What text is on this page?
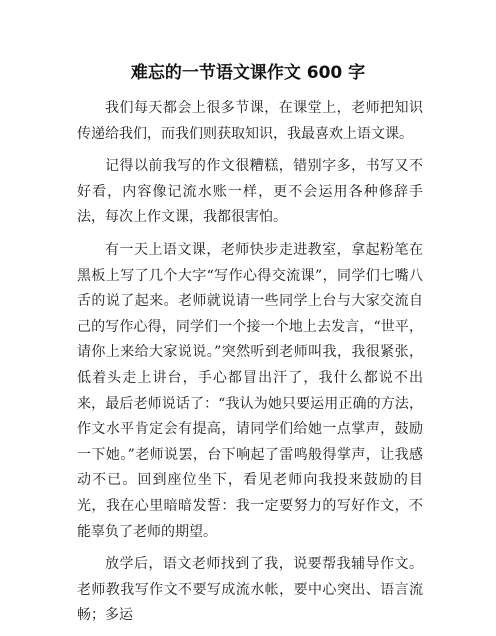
难忘的一节语文课作文 600 字

我们每天都会上很多节课，在课堂上，老师把知识传递给我们，而我们则获取知识，我最喜欢上语文课。

记得以前我写的作文很糟糕，错别字多，书写又不好看，内容像记流水账一样，更不会运用各种修辞手法，每次上作文课，我都很害怕。

有一天上语文课，老师快步走进教室，拿起粉笔在黑板上写了几个大字“写作心得交流课”，同学们七嘴八舌的说了起来。老师就说请一些同学上台与大家交流自己的写作心得，同学们一个接一个地上去发言，“世平，请你上来给大家说说。”突然听到老师叫我，我很紧张，低着头走上讲台，手心都冒出汗了，我什么都说不出来，最后老师说话了：“我认为她只要运用正确的方法，作文水平肯定会有提高，请同学们给她一点掌声，鼓励一下她。”老师说罢，台下响起了雷鸣般得掌声，让我感动不已。回到座位坐下，看见老师向我投来鼓励的目光，我在心里暗暗发誓：我一定要努力的写好作文，不能辜负了老师的期望。

放学后，语文老师找到了我，说要帮我辅导作文。老师教我写作文不要写成流水帐，要中心突出、语言流畅；多运
